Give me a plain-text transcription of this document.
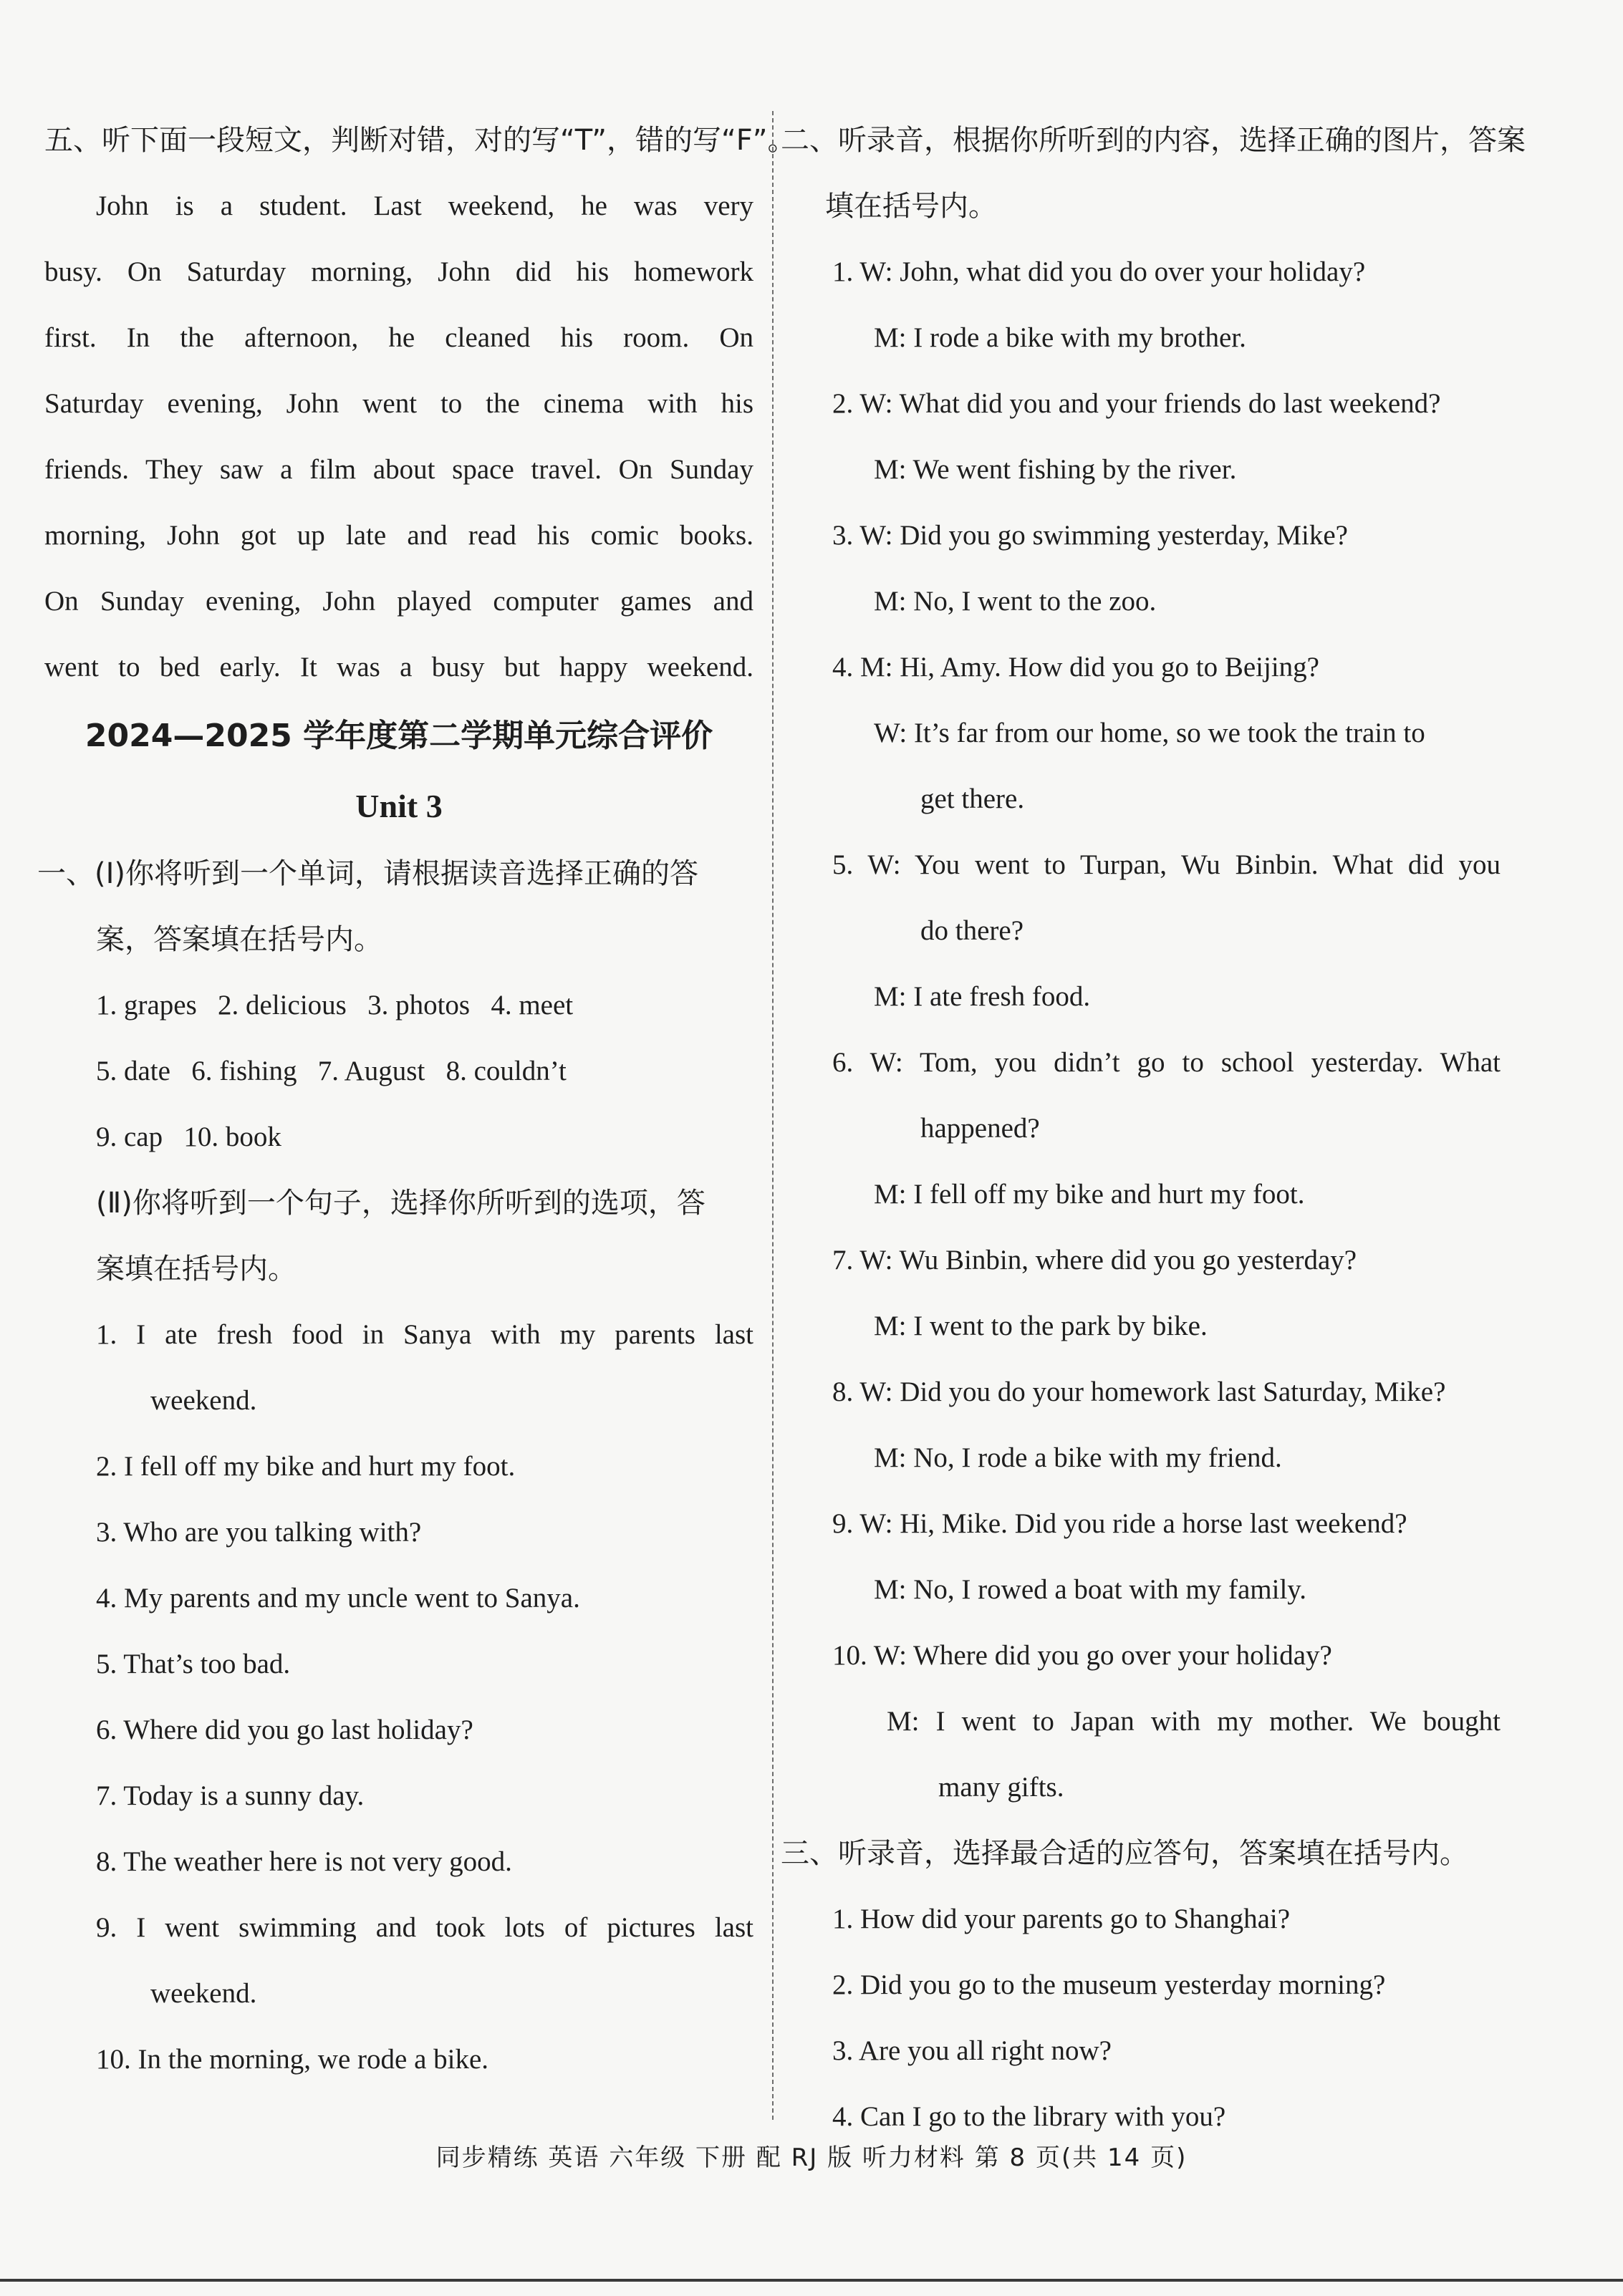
五、听下面一段短文，判断对错，对的写“T”，错的写“F”。
John is a student. Last weekend, he was very
busy. On Saturday morning, John did his homework
first. In the afternoon, he cleaned his room. On
Saturday evening, John went to the cinema with his
friends. They saw a film about space travel. On Sunday
morning, John got up late and read his comic books.
On Sunday evening, John played computer games and
went to bed early. It was a busy but happy weekend.
2024—2025 学年度第二学期单元综合评价
Unit 3
一、(Ⅰ)你将听到一个单词，请根据读音选择正确的答
案，答案填在括号内。
1. grapes   2. delicious   3. photos   4. meet
5. date   6. fishing   7. August   8. couldn’t
9. cap   10. book
(Ⅱ)你将听到一个句子，选择你所听到的选项，答
案填在括号内。
1. I ate fresh food in Sanya with my parents last
weekend.
2. I fell off my bike and hurt my foot.
3. Who are you talking with?
4. My parents and my uncle went to Sanya.
5. That’s too bad.
6. Where did you go last holiday?
7. Today is a sunny day.
8. The weather here is not very good.
9. I went swimming and took lots of pictures last
weekend.
10. In the morning, we rode a bike.
二、听录音，根据你所听到的内容，选择正确的图片，答案
填在括号内。
1. W: John, what did you do over your holiday?
M: I rode a bike with my brother.
2. W: What did you and your friends do last weekend?
M: We went fishing by the river.
3. W: Did you go swimming yesterday, Mike?
M: No, I went to the zoo.
4. M: Hi, Amy. How did you go to Beijing?
W: It’s far from our home, so we took the train to
get there.
5. W: You went to Turpan, Wu Binbin. What did you
do there?
M: I ate fresh food.
6. W: Tom, you didn’t go to school yesterday. What
happened?
M: I fell off my bike and hurt my foot.
7. W: Wu Binbin, where did you go yesterday?
M: I went to the park by bike.
8. W: Did you do your homework last Saturday, Mike?
M: No, I rode a bike with my friend.
9. W: Hi, Mike. Did you ride a horse last weekend?
M: No, I rowed a boat with my family.
10. W: Where did you go over your holiday?
M: I went to Japan with my mother. We bought
many gifts.
三、听录音，选择最合适的应答句，答案填在括号内。
1. How did your parents go to Shanghai?
2. Did you go to the museum yesterday morning?
3. Are you all right now?
4. Can I go to the library with you?
同步精练 英语 六年级 下册 配 RJ 版 听力材料 第 8 页(共 14 页)
